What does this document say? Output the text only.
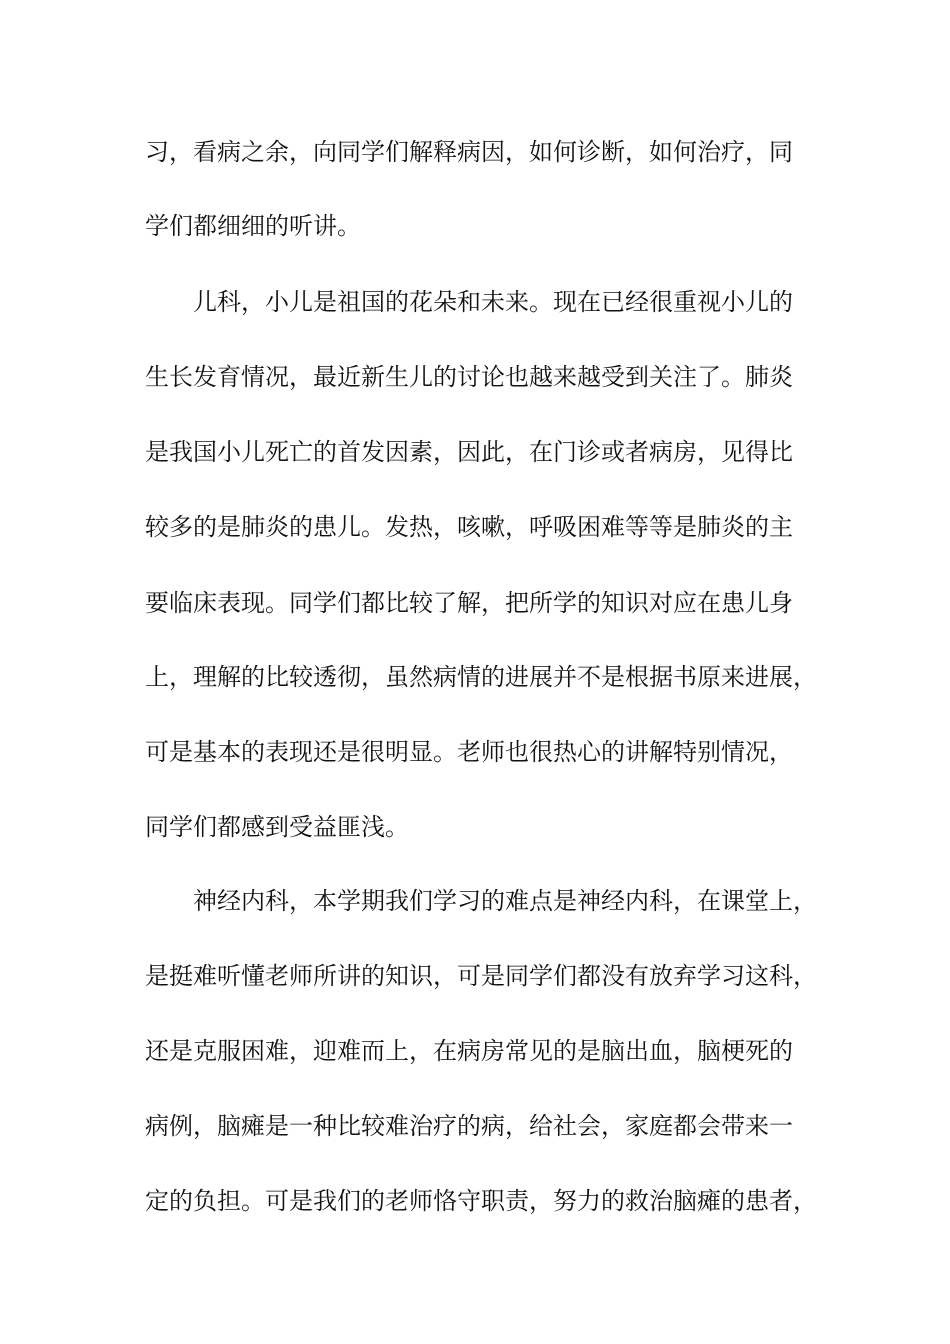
习，看病之余，向同学们解释病因，如何诊断，如何治疗，同
学们都细细的听讲。
　　儿科，小儿是祖国的花朵和未来。现在已经很重视小儿的
生长发育情况，最近新生儿的讨论也越来越受到关注了。肺炎
是我国小儿死亡的首发因素，因此，在门诊或者病房，见得比
较多的是肺炎的患儿。发热，咳嗽，呼吸困难等等是肺炎的主
要临床表现。同学们都比较了解，把所学的知识对应在患儿身
上，理解的比较透彻，虽然病情的进展并不是根据书原来进展，
可是基本的表现还是很明显。老师也很热心的讲解特别情况，
同学们都感到受益匪浅。
　　神经内科，本学期我们学习的难点是神经内科，在课堂上，
是挺难听懂老师所讲的知识，可是同学们都没有放弃学习这科，
还是克服困难，迎难而上，在病房常见的是脑出血，脑梗死的
病例，脑瘫是一种比较难治疗的病，给社会，家庭都会带来一
定的负担。可是我们的老师恪守职责，努力的救治脑瘫的患者，
